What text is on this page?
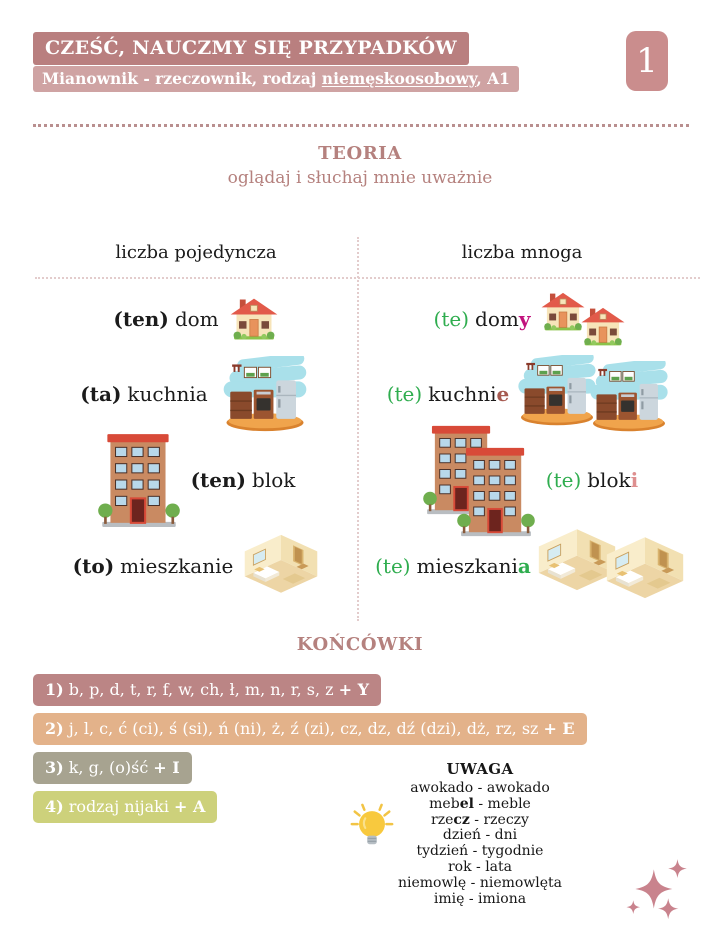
CZEŚĆ, NAUCZMY SIĘ PRZYPADKÓW
Mianownik - rzeczownik, rodzaj niemęskoosobowy, A1	1
TEORIA
oglądaj i słuchaj mnie uważnie
liczba pojedyncza	liczba mnoga
(ten) dom	(te) domy
(ta) kuchnia	(te) kuchnie
(ten) blok	(te) bloki
(to) mieszkanie	(te) mieszkania
KOŃCÓWKI
1) b, p, d, t, r, f, w, ch, ł, m, n, r, s, z + Y
2) j, l, c, ć (ci), ś (si), ń (ni), ż, ź (zi), cz, dz, dź (dzi), dż, rz, sz + E
3) k, g, (o)ść + I
4) rodzaj nijaki + A
UWAGA
awokado - awokado
mebel - meble
rzecz - rzeczy
dzień - dni
tydzień - tygodnie
rok - lata
niemowlę - niemowlęta
imię - imiona
